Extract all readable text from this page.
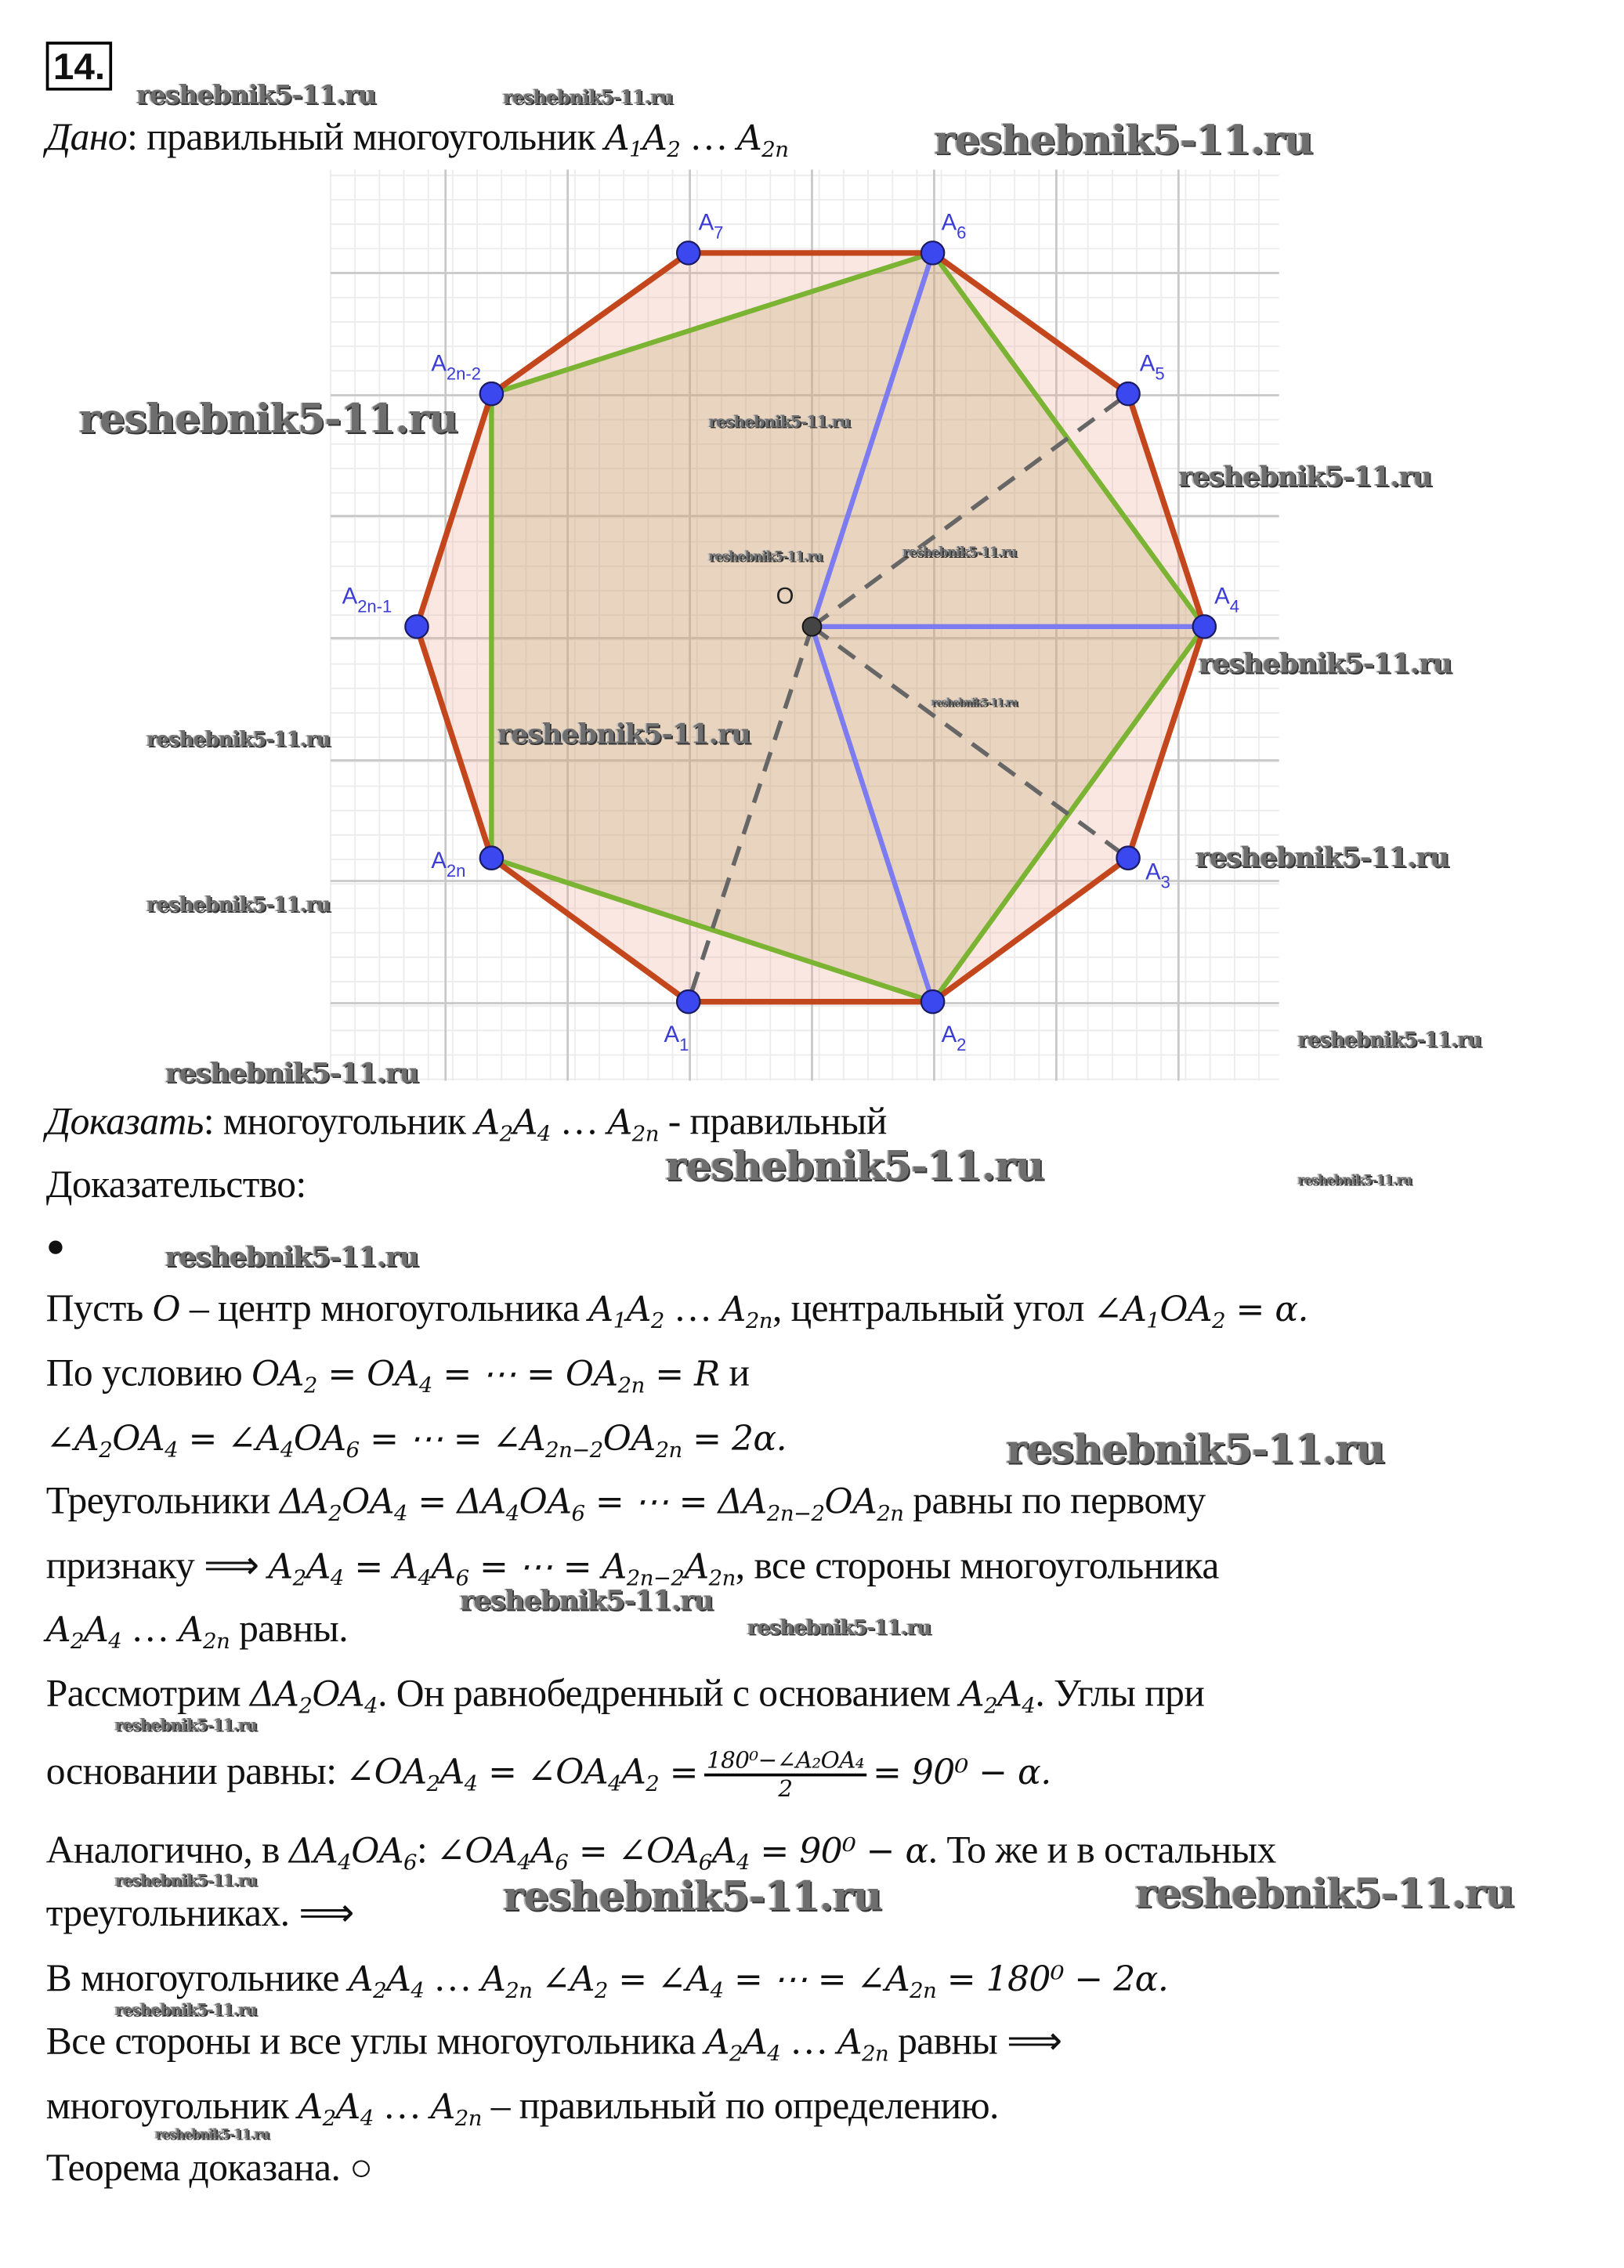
14.
Дано: правильный многоугольник $A_1A_2$ … $A_{2n}$
O
$A_1$	$A_2$
$A_3$
$A_4$
$A_5$
$A_6$
$A_7$
$A_{2n-2}$
$A_{2n-1}$
$A_{2n}$
Доказать: многоугольник $A_2A_4$ … $A_{2n}$ - правильный
Доказательство:
●
Пусть O – центр многоугольника $A_1A_2$ … $A_{2n}$, центральный угол $\angle A_1OA_2 = \alpha$.
По условию $OA_2 = OA_4$ = ⋯ = $OA_{2n} = R$ и
$\angle A_2OA_4$ = $\angle A_4OA_6$ = ⋯ = $\angle A_{2n-2}OA_{2n} = 2\alpha$.
Треугольники $\Delta A_2OA_4 = \Delta A_4OA_6$ = ⋯ = $\Delta A_{2n-2}OA_{2n}$ равны по первому
признаку ⟹ $A_2A_4 = A_4A_6$ = ⋯ = $A_{2n-2}A_{2n}$, все стороны многоугольника
$A_2A_4$ … $A_{2n}$ равны.
Рассмотрим $\Delta A_2OA_4$. Он равнобедренный с основанием $A_2A_4$. Углы при
основании равны: $\angle OA_2A_4$ = $\angle OA_4A_2 = \frac{\text{180⁰−∠A₂OA₄}}{2} = 90^0 - \alpha$.
Аналогично, в $\Delta A_4OA_6$: $\angle OA_4A_6$ = $\angle OA_6A_4 = 90^0 - \alpha$. То же и в остальных
треугольниках. ⟹
В многоугольнике $A_2A_4$ … $A_{2n}$ $\angle A_2$ = $\angle A_4$ = ⋯ = $\angle A_{2n} = 180^0 - 2\alpha$.
Все стороны и все углы многоугольника $A_2A_4$ … $A_{2n}$ равны ⟹
многоугольник $A_2A_4$ … $A_{2n}$ – правильный по определению.
Теорема доказана. ○
reshebnik5-11.ru	reshebnik5-11.ru
reshebnik5-11.ru
reshebnik5-11.ru	reshebnik5-11.ru
reshebnik5-11.ru
reshebnik5-11.ru	reshebnik5-11.ru
reshebnik5-11.ru
reshebnik5-11.ru
reshebnik5-11.ru	reshebnik5-11.ru
reshebnik5-11.ru
reshebnik5-11.ru
reshebnik5-11.ru
reshebnik5-11.ru
reshebnik5-11.ru	reshebnik5-11.ru
reshebnik5-11.ru
reshebnik5-11.ru
reshebnik5-11.ru
reshebnik5-11.ru
reshebnik5-11.ru
reshebnik5-11.ru	reshebnik5-11.ru	reshebnik5-11.ru
reshebnik5-11.ru
reshebnik5-11.ru
